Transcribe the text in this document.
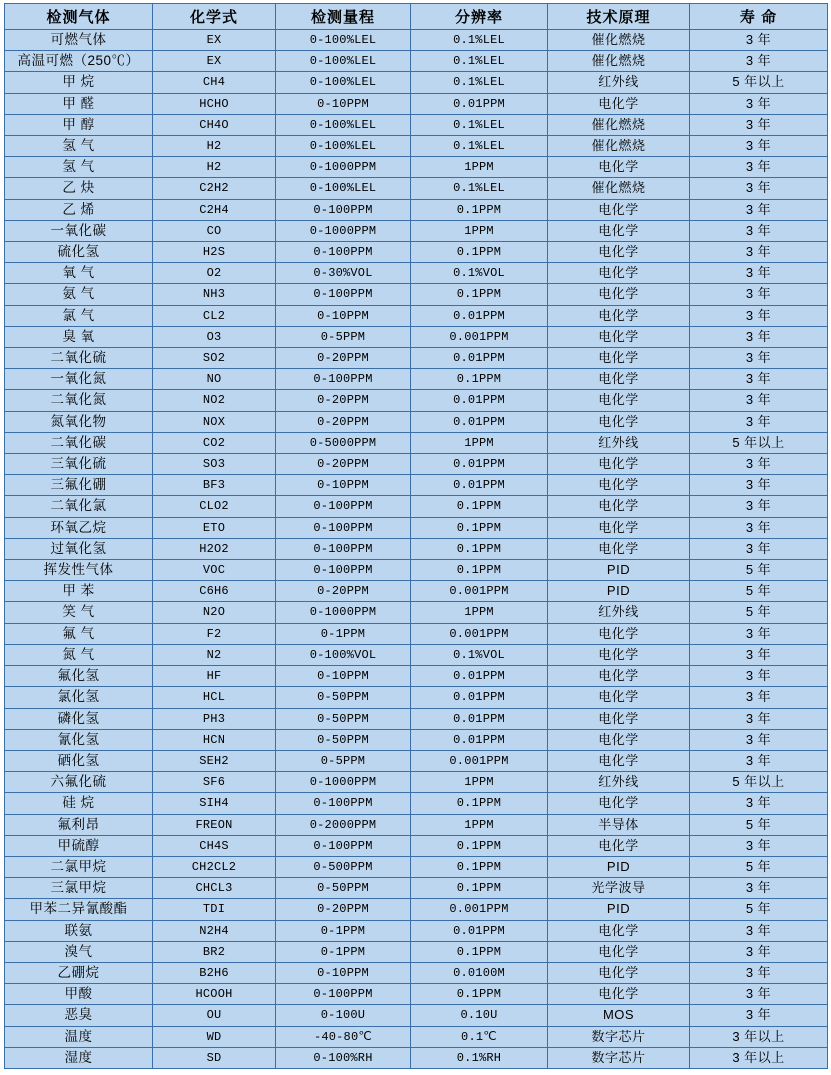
检测气体	化学式	检测量程	分辨率	技术原理	寿 命
可燃气体	EX	0-100%LEL	0.1%LEL	催化燃烧	3 年
高温可燃（250℃）	EX	0-100%LEL	0.1%LEL	催化燃烧	3 年
甲 烷	CH4	0-100%LEL	0.1%LEL	红外线	5 年以上
甲 醛	HCHO	0-10PPM	0.01PPM	电化学	3 年
甲 醇	CH4O	0-100%LEL	0.1%LEL	催化燃烧	3 年
氢 气	H2	0-100%LEL	0.1%LEL	催化燃烧	3 年
氢 气	H2	0-1000PPM	1PPM	电化学	3 年
乙 炔	C2H2	0-100%LEL	0.1%LEL	催化燃烧	3 年
乙 烯	C2H4	0-100PPM	0.1PPM	电化学	3 年
一氧化碳	CO	0-1000PPM	1PPM	电化学	3 年
硫化氢	H2S	0-100PPM	0.1PPM	电化学	3 年
氧 气	O2	0-30%VOL	0.1%VOL	电化学	3 年
氨 气	NH3	0-100PPM	0.1PPM	电化学	3 年
氯 气	CL2	0-10PPM	0.01PPM	电化学	3 年
臭 氧	O3	0-5PPM	0.001PPM	电化学	3 年
二氧化硫	SO2	0-20PPM	0.01PPM	电化学	3 年
一氧化氮	NO	0-100PPM	0.1PPM	电化学	3 年
二氧化氮	NO2	0-20PPM	0.01PPM	电化学	3 年
氮氧化物	NOX	0-20PPM	0.01PPM	电化学	3 年
二氧化碳	CO2	0-5000PPM	1PPM	红外线	5 年以上
三氧化硫	SO3	0-20PPM	0.01PPM	电化学	3 年
三氟化硼	BF3	0-10PPM	0.01PPM	电化学	3 年
二氧化氯	CLO2	0-100PPM	0.1PPM	电化学	3 年
环氧乙烷	ETO	0-100PPM	0.1PPM	电化学	3 年
过氧化氢	H2O2	0-100PPM	0.1PPM	电化学	3 年
挥发性气体	VOC	0-100PPM	0.1PPM	PID	5 年
甲 苯	C6H6	0-20PPM	0.001PPM	PID	5 年
笑 气	N2O	0-1000PPM	1PPM	红外线	5 年
氟 气	F2	0-1PPM	0.001PPM	电化学	3 年
氮 气	N2	0-100%VOL	0.1%VOL	电化学	3 年
氟化氢	HF	0-10PPM	0.01PPM	电化学	3 年
氯化氢	HCL	0-50PPM	0.01PPM	电化学	3 年
磷化氢	PH3	0-50PPM	0.01PPM	电化学	3 年
氰化氢	HCN	0-50PPM	0.01PPM	电化学	3 年
硒化氢	SEH2	0-5PPM	0.001PPM	电化学	3 年
六氟化硫	SF6	0-1000PPM	1PPM	红外线	5 年以上
硅 烷	SIH4	0-100PPM	0.1PPM	电化学	3 年
氟利昂	FREON	0-2000PPM	1PPM	半导体	5 年
甲硫醇	CH4S	0-100PPM	0.1PPM	电化学	3 年
二氯甲烷	CH2CL2	0-500PPM	0.1PPM	PID	5 年
三氯甲烷	CHCL3	0-50PPM	0.1PPM	光学波导	3 年
甲苯二异氰酸酯	TDI	0-20PPM	0.001PPM	PID	5 年
联氨	N2H4	0-1PPM	0.01PPM	电化学	3 年
溴气	BR2	0-1PPM	0.1PPM	电化学	3 年
乙硼烷	B2H6	0-10PPM	0.0100M	电化学	3 年
甲酸	HCOOH	0-100PPM	0.1PPM	电化学	3 年
恶臭	OU	0-100U	0.10U	MOS	3 年
温度	WD	-40-80℃	0.1℃	数字芯片	3 年以上
湿度	SD	0-100%RH	0.1%RH	数字芯片	3 年以上
